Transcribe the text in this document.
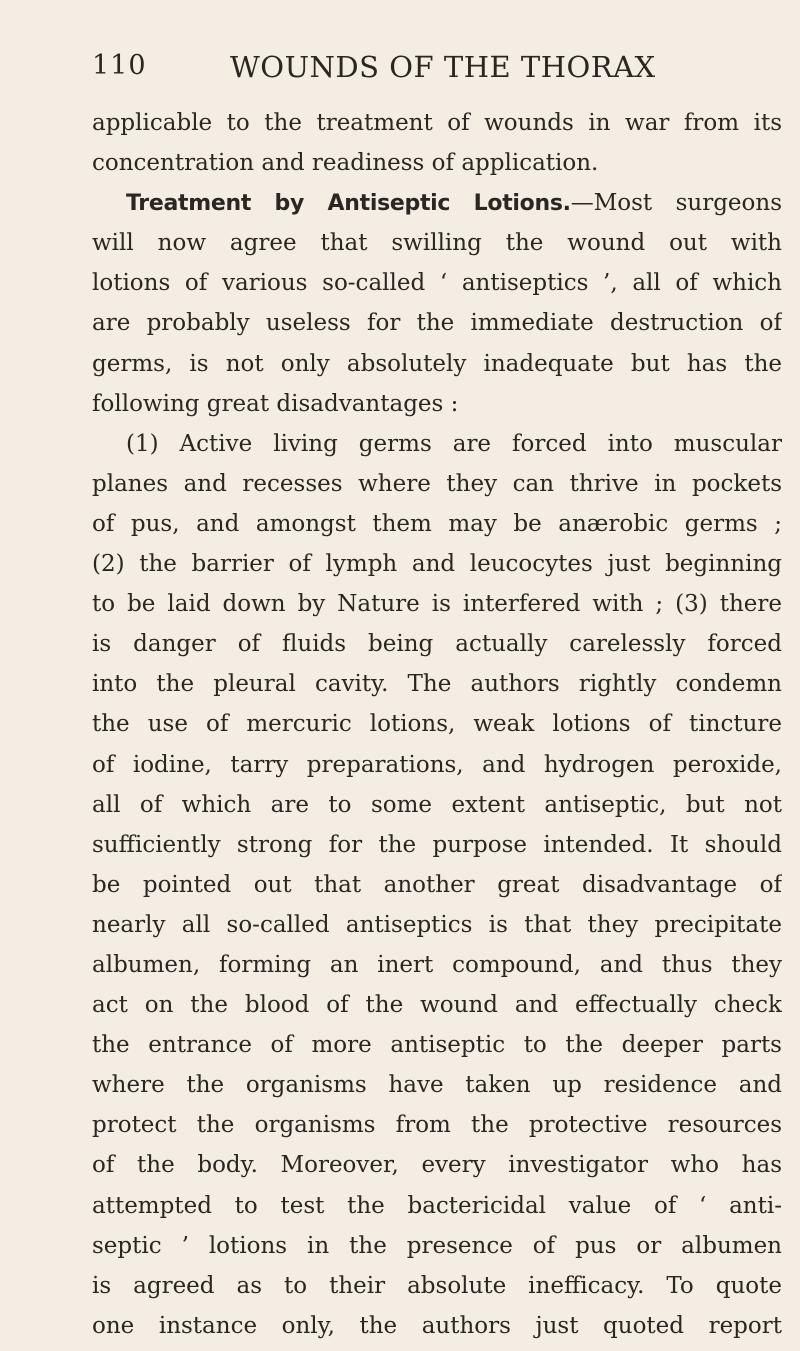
110	WOUNDS OF THE THORAX
applicable to the treatment of wounds in war from its
concentration and readiness of application.
Treatment by Antiseptic Lotions.—Most surgeons
will now agree that swilling the wound out with
lotions of various so-called ‘ antiseptics ’, all of which
are probably useless for the immediate destruction of
germs, is not only absolutely inadequate but has the
following great disadvantages :
(1) Active living germs are forced into muscular
planes and recesses where they can thrive in pockets
of pus, and amongst them may be anærobic germs ;
(2) the barrier of lymph and leucocytes just beginning
to be laid down by Nature is interfered with ; (3) there
is danger of fluids being actually carelessly forced
into the pleural cavity. The authors rightly condemn
the use of mercuric lotions, weak lotions of tincture
of iodine, tarry preparations, and hydrogen peroxide,
all of which are to some extent antiseptic, but not
sufficiently strong for the purpose intended. It should
be pointed out that another great disadvantage of
nearly all so-called antiseptics is that they precipitate
albumen, forming an inert compound, and thus they
act on the blood of the wound and effectually check
the entrance of more antiseptic to the deeper parts
where the organisms have taken up residence and
protect the organisms from the protective resources
of the body. Moreover, every investigator who has
attempted to test the bactericidal value of ‘ anti-
septic ’ lotions in the presence of pus or albumen
is agreed as to their absolute inefficacy. To quote
one instance only, the authors just quoted report
